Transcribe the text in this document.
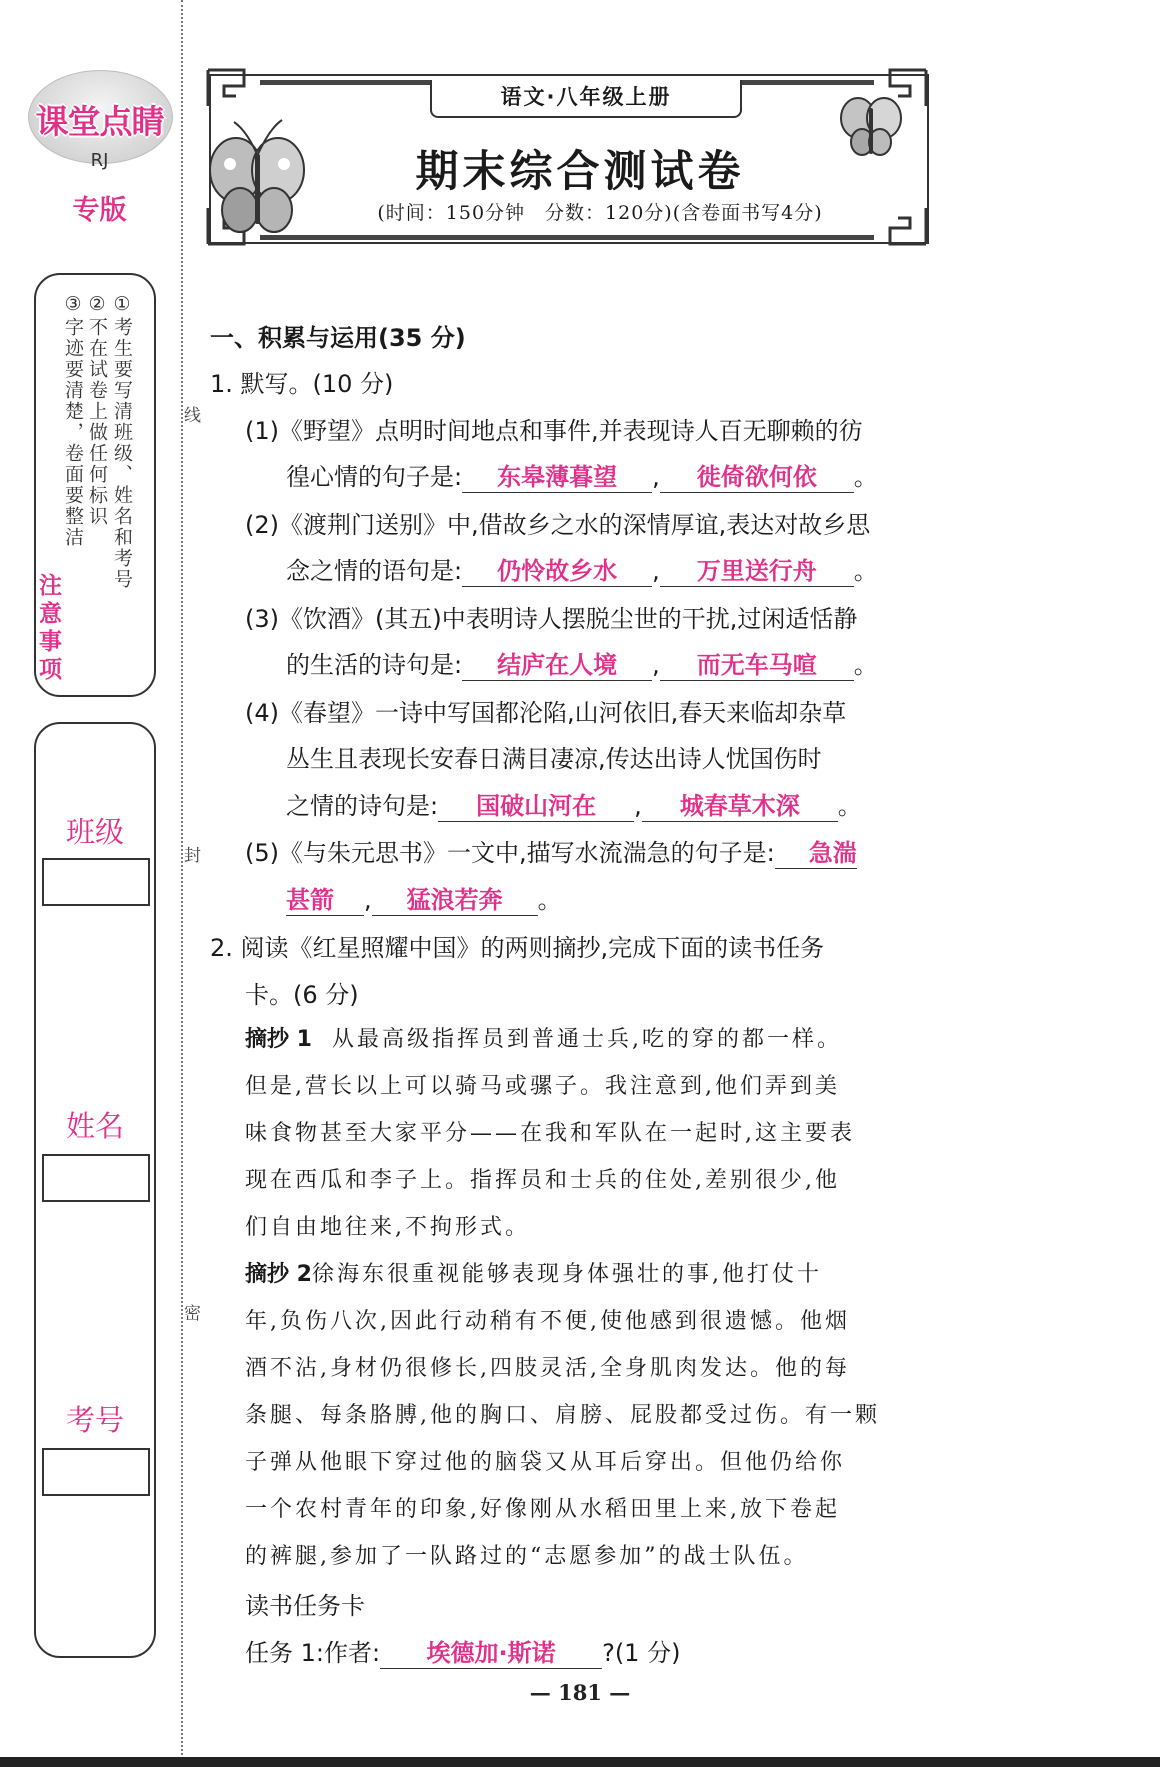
课堂点睛
RJ
专版
①考生要写清班级、姓名和考号
②不在试卷上做任何标识
③字迹要清楚，卷面要整洁
注意事项
班级
姓名
考号
线
封
密
语文·八年级上册
期末综合测试卷
(时间：150分钟　分数：120分)(含卷面书写4分)
一、积累与运用(35 分)
1. 默写。(10 分)
(1)《野望》点明时间地点和事件,并表现诗人百无聊赖的彷
徨心情的句子是: 东皋薄暮望 , 徙倚欲何依 。
(2)《渡荆门送别》中,借故乡之水的深情厚谊,表达对故乡思
念之情的语句是: 仍怜故乡水 , 万里送行舟 。
(3)《饮酒》(其五)中表明诗人摆脱尘世的干扰,过闲适恬静
的生活的诗句是: 结庐在人境 , 而无车马喧 。
(4)《春望》一诗中写国都沦陷,山河依旧,春天来临却杂草
丛生且表现长安春日满目凄凉,传达出诗人忧国伤时
之情的诗句是: 国破山河在 , 城春草木深 。
(5)《与朱元思书》一文中,描写水流湍急的句子是: 急湍
甚箭 , 猛浪若奔 。
2. 阅读《红星照耀中国》的两则摘抄,完成下面的读书任务
卡。(6 分)
摘抄 1 从最高级指挥员到普通士兵,吃的穿的都一样。
但是,营长以上可以骑马或骡子。我注意到,他们弄到美
味食物甚至大家平分——在我和军队在一起时,这主要表
现在西瓜和李子上。指挥员和士兵的住处,差别很少,他
们自由地往来,不拘形式。
摘抄 2徐海东很重视能够表现身体强壮的事,他打仗十
年,负伤八次,因此行动稍有不便,使他感到很遗憾。他烟
酒不沾,身材仍很修长,四肢灵活,全身肌肉发达。他的每
条腿、每条胳膊,他的胸口、肩膀、屁股都受过伤。有一颗
子弹从他眼下穿过他的脑袋又从耳后穿出。但他仍给你
一个农村青年的印象,好像刚从水稻田里上来,放下卷起
的裤腿,参加了一队路过的“志愿参加”的战士队伍。
读书任务卡
任务 1:作者: 埃德加·斯诺 ?(1 分)
— 181 —
